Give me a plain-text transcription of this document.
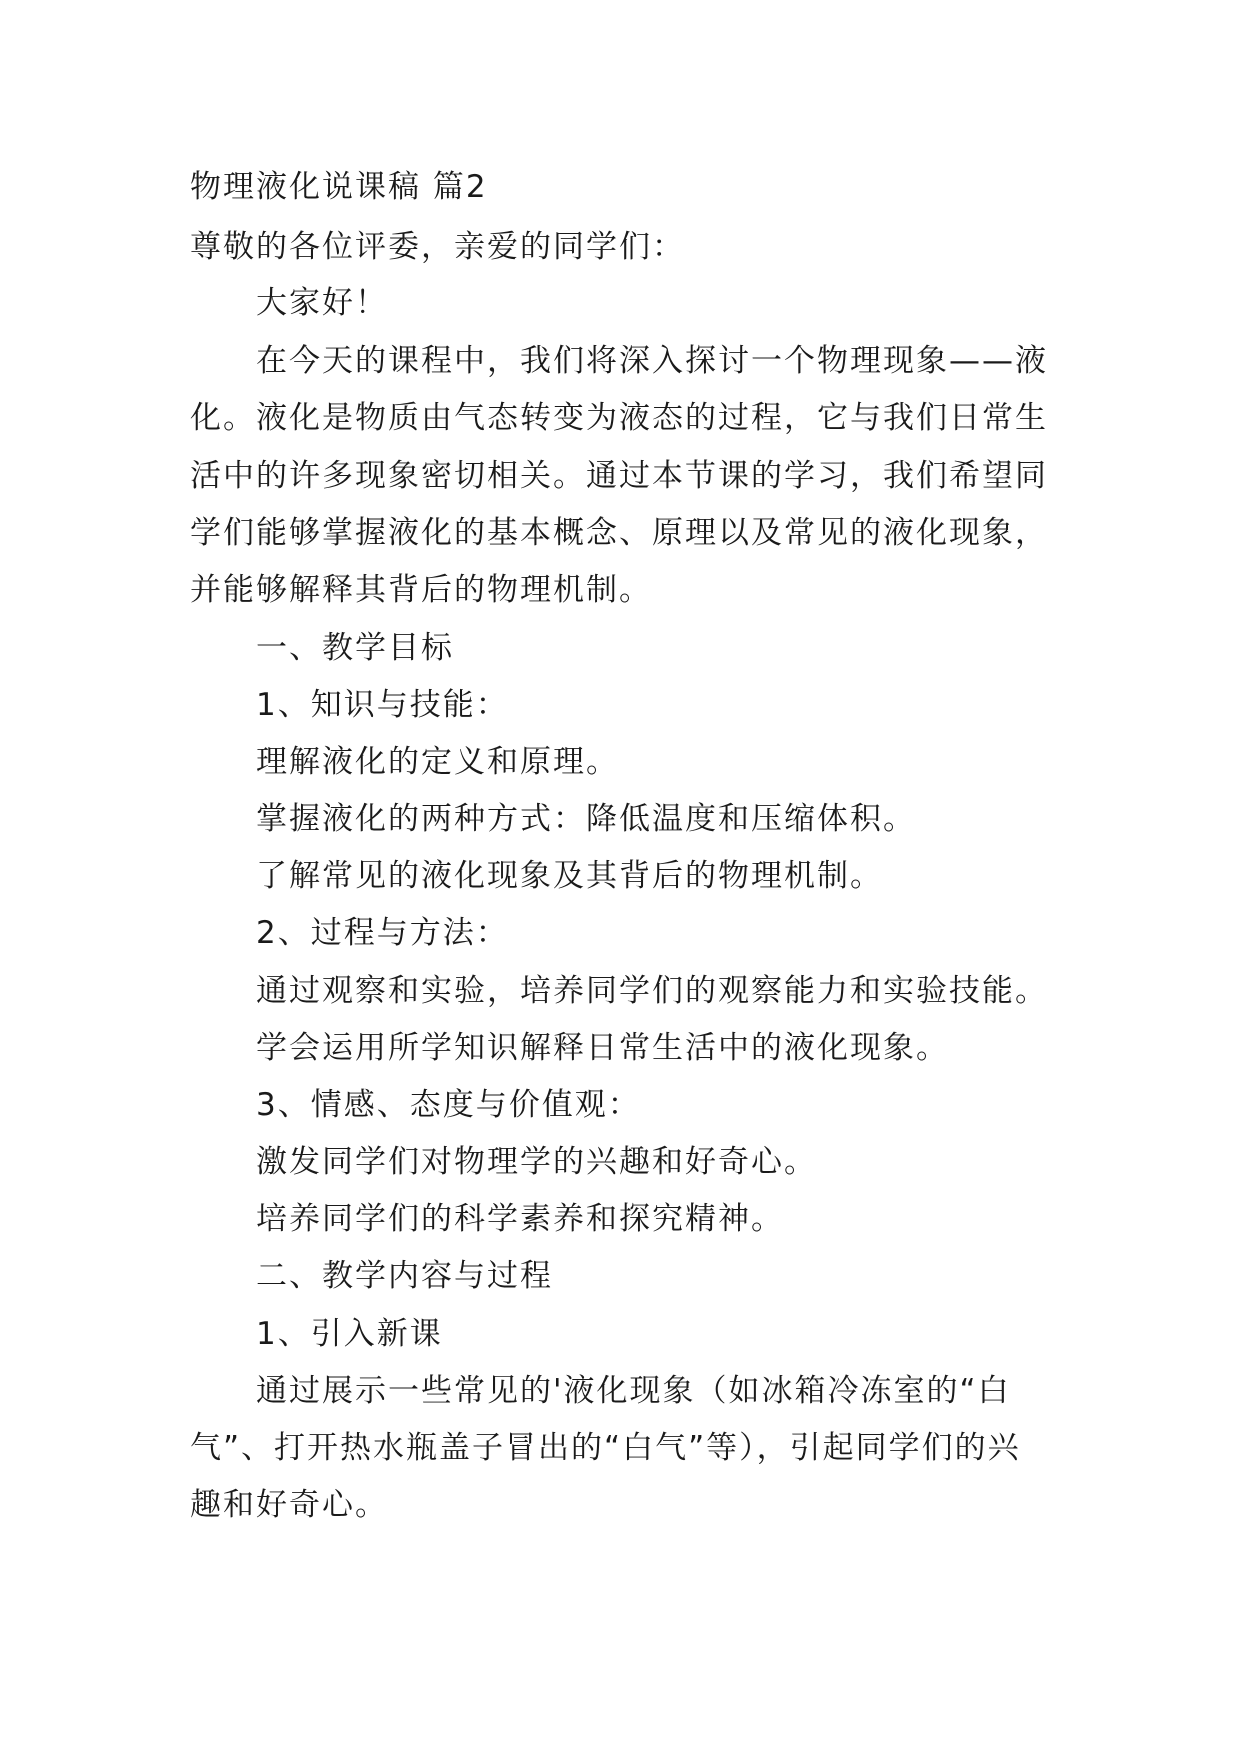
物理液化说课稿 篇2
尊敬的各位评委，亲爱的同学们：
大家好！
在今天的课程中，我们将深入探讨一个物理现象——液
化。液化是物质由气态转变为液态的过程，它与我们日常生
活中的许多现象密切相关。通过本节课的学习，我们希望同
学们能够掌握液化的基本概念、原理以及常见的液化现象，
并能够解释其背后的物理机制。
一、教学目标
1、知识与技能：
理解液化的定义和原理。
掌握液化的两种方式：降低温度和压缩体积。
了解常见的液化现象及其背后的物理机制。
2、过程与方法：
通过观察和实验，培养同学们的观察能力和实验技能。
学会运用所学知识解释日常生活中的液化现象。
3、情感、态度与价值观：
激发同学们对物理学的兴趣和好奇心。
培养同学们的科学素养和探究精神。
二、教学内容与过程
1、引入新课
通过展示一些常见的'液化现象（如冰箱冷冻室的“白
气”、打开热水瓶盖子冒出的“白气”等），引起同学们的兴
趣和好奇心。
